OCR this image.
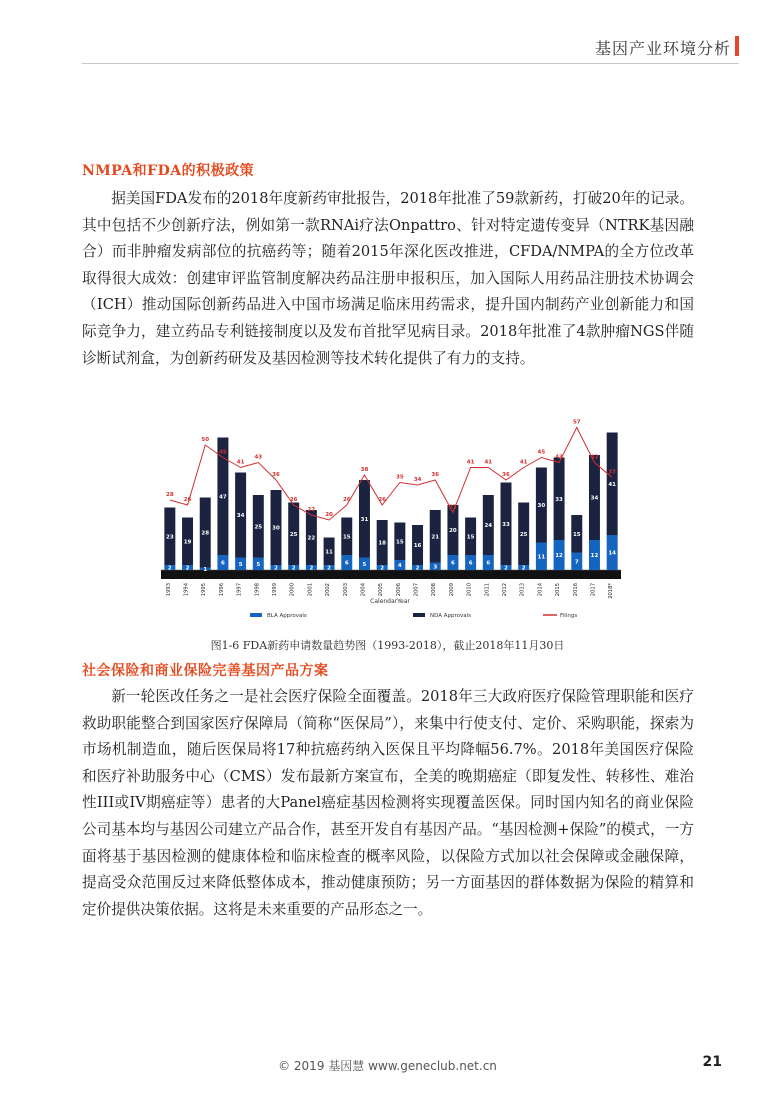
基因产业环境分析
NMPA和FDA的积极政策

据美国FDA发布的2018年度新药审批报告，2018年批准了59款新药，打破20年的记录。其中包括不少创新疗法，例如第一款RNAi疗法Onpattro、针对特定遗传变异（NTRK基因融合）而非肿瘤发病部位的抗癌药等；随着2015年深化医改推进，CFDA/NMPA的全方位改革取得很大成效：创建审评监管制度解决药品注册申报积压，加入国际人用药品注册技术协调会（ICH）推动国际创新药品进入中国市场满足临床用药需求，提升国内制药产业创新能力和国际竞争力，建立药品专利链接制度以及发布首批罕见病目录。2018年批准了4款肿瘤NGS伴随诊断试剂盒，为创新药研发及基因检测等技术转化提供了有力的支持。

2
23
1993
2
19
1994
1
28
1995
6
47
1996
5
34
1997
5
25
1998
2
30
1999
2
25
2000
2
22
2001
2
11
2002
6
15
2003
5
31
2004
2
18
2005
4
15
2006
2
16
2007
3
21
2008
6
20
2009
6
15
2010
6
24
2011
2
33
2012
2
25
2013
11
30
2014
12
33
2015
7
15
2016
12
34
2017
14
41
2018*
28
26
50
45
41
43
36
26
22
20
26
38
26
35 34
36
23
41 41
36
41
45
43
57
43
37
CalendarYear
BLA Approvals	NDA Approvals	Filings
图1-6 FDA新药申请数量趋势图（1993-2018），截止2018年11月30日
社会保险和商业保险完善基因产品方案

新一轮医改任务之一是社会医疗保险全面覆盖。2018年三大政府医疗保险管理职能和医疗救助职能整合到国家医疗保障局（简称“医保局”），来集中行使支付、定价、采购职能，探索为市场机制造血，随后医保局将17种抗癌药纳入医保且平均降幅56.7%。2018年美国医疗保险和医疗补助服务中心（CMS）发布最新方案宣布，全美的晚期癌症（即复发性、转移性、难治性III或IV期癌症等）患者的大Panel癌症基因检测将实现覆盖医保。同时国内知名的商业保险公司基本均与基因公司建立产品合作，甚至开发自有基因产品。“基因检测+保险”的模式，一方面将基于基因检测的健康体检和临床检查的概率风险，以保险方式加以社会保障或金融保障，提高受众范围反过来降低整体成本，推动健康预防；另一方面基因的群体数据为保险的精算和定价提供决策依据。这将是未来重要的产品形态之一。

© 2019 基因慧 www.geneclub.net.cn	21
